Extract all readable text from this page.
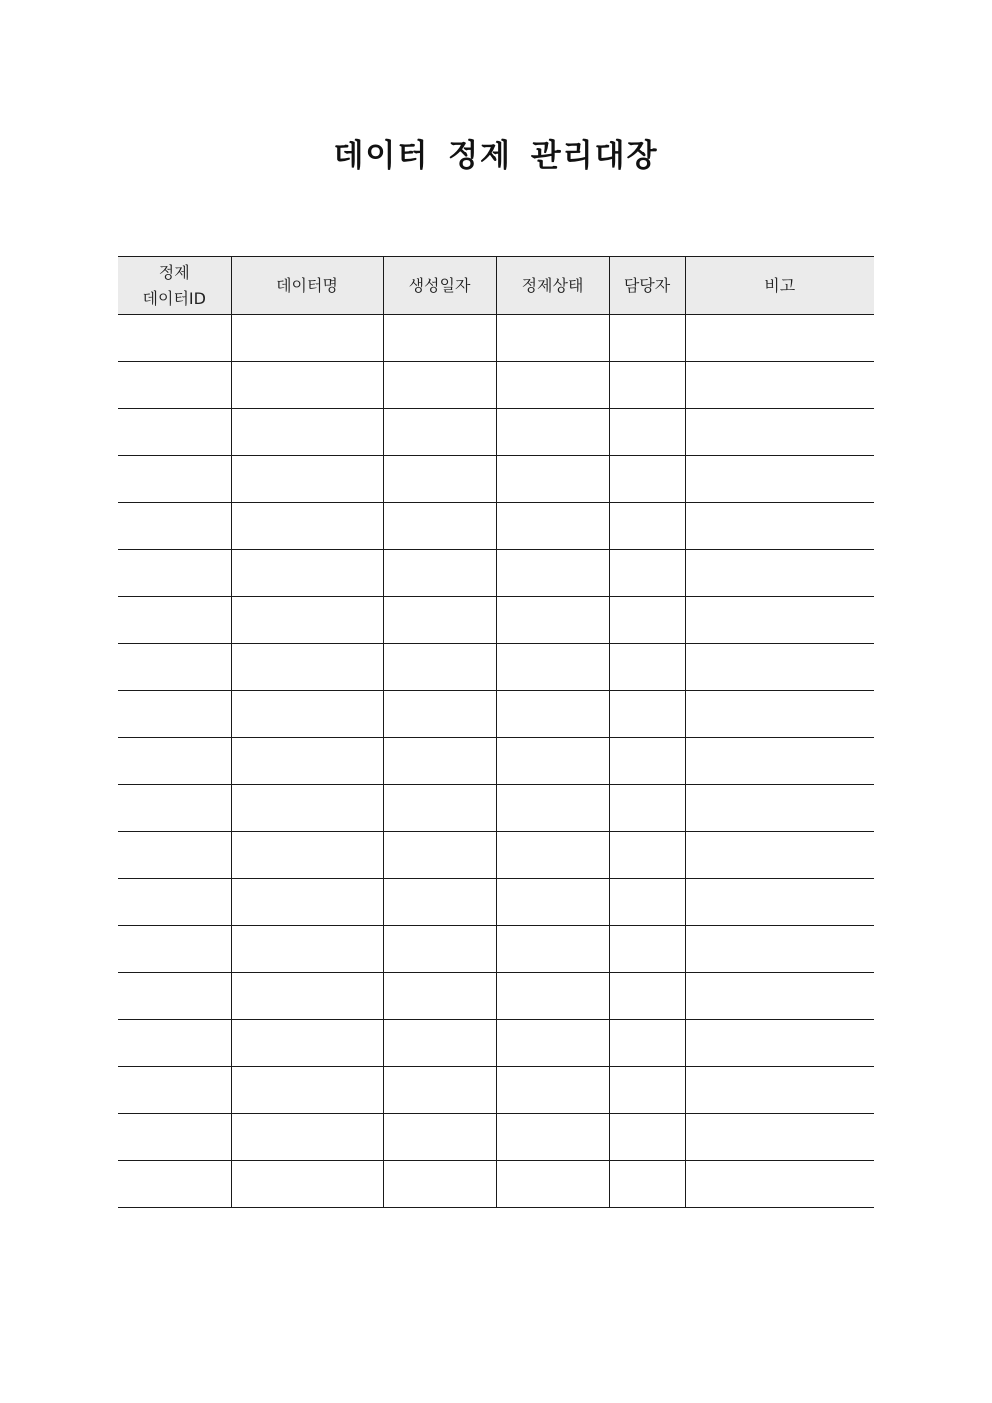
데이터 정제 관리대장
정제
데이터ID	데이터명	생성일자	정제상태	담당자	비고
